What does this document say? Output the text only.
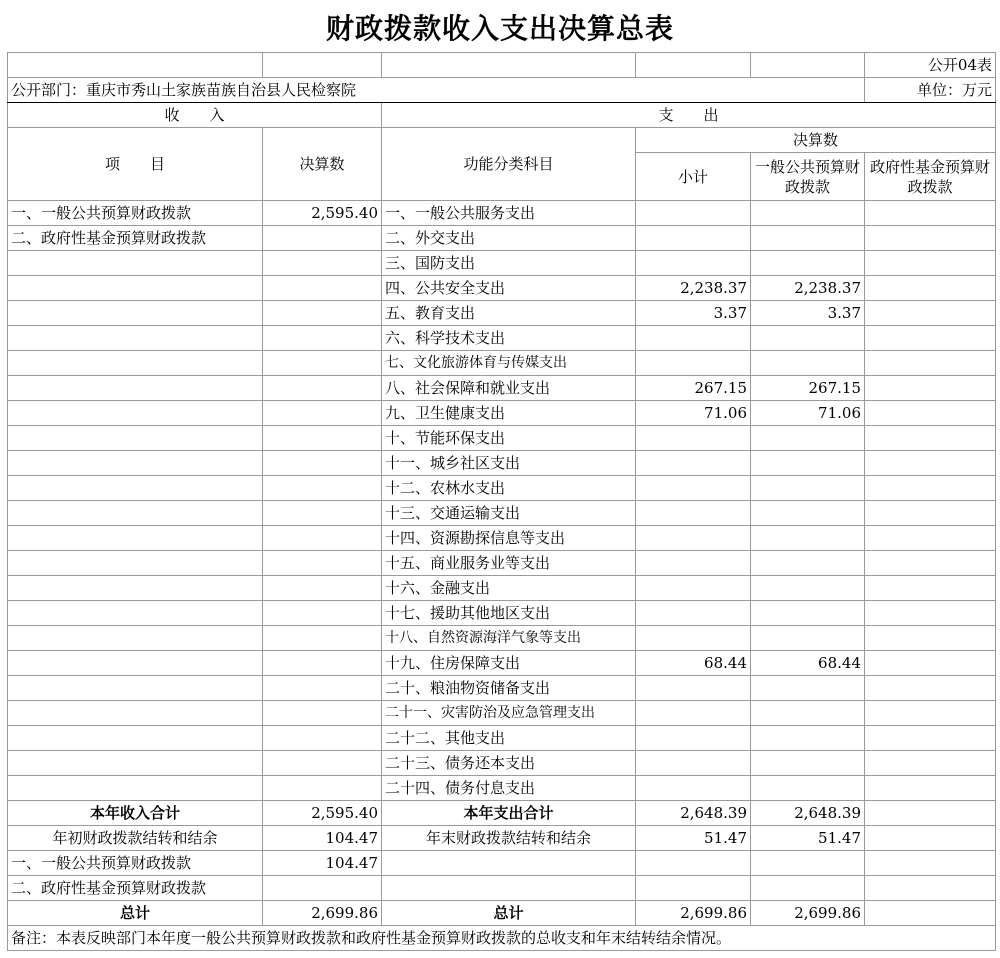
财政拨款收入支出决算总表
					公开04表
公开部门：重庆市秀山土家族苗族自治县人民检察院					单位：万元
收　　入		支　　出			
项　　目	决算数	功能分类科目	决算数		
			小计	一般公共预算财政拨款	政府性基金预算财政拨款
一、一般公共预算财政拨款	2,595.40	一、一般公共服务支出			
二、政府性基金预算财政拨款		二、外交支出			
		三、国防支出			
		四、公共安全支出	2,238.37	2,238.37	
		五、教育支出	3.37	3.37	
		六、科学技术支出			
		七、文化旅游体育与传媒支出			
		八、社会保障和就业支出	267.15	267.15	
		九、卫生健康支出	71.06	71.06	
		十、节能环保支出			
		十一、城乡社区支出			
		十二、农林水支出			
		十三、交通运输支出			
		十四、资源勘探信息等支出			
		十五、商业服务业等支出			
		十六、金融支出			
		十七、援助其他地区支出			
		十八、自然资源海洋气象等支出			
		十九、住房保障支出	68.44	68.44	
		二十、粮油物资储备支出			
		二十一、灾害防治及应急管理支出			
		二十二、其他支出			
		二十三、债务还本支出			
		二十四、债务付息支出			
本年收入合计	2,595.40	本年支出合计	2,648.39	2,648.39	
年初财政拨款结转和结余	104.47	年末财政拨款结转和结余	51.47	51.47	
一、一般公共预算财政拨款	104.47				
二、政府性基金预算财政拨款					
总计	2,699.86	总计	2,699.86	2,699.86	
备注：本表反映部门本年度一般公共预算财政拨款和政府性基金预算财政拨款的总收支和年末结转结余情况。					
